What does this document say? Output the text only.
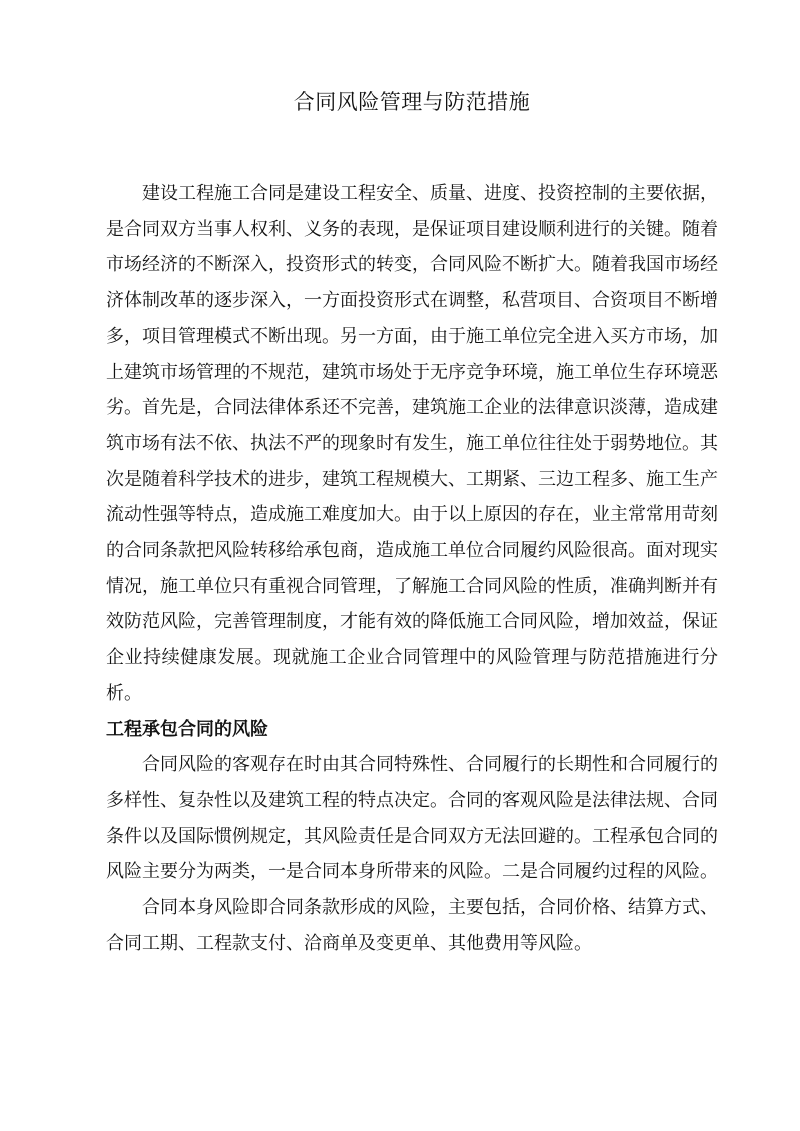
合同风险管理与防范措施

建设工程施工合同是建设工程安全、质量、进度、投资控制的主要依据，是合同双方当事人权利、义务的表现，是保证项目建设顺利进行的关键。随着市场经济的不断深入，投资形式的转变，合同风险不断扩大。随着我国市场经济体制改革的逐步深入，一方面投资形式在调整，私营项目、合资项目不断增多，项目管理模式不断出现。另一方面，由于施工单位完全进入买方市场，加上建筑市场管理的不规范，建筑市场处于无序竞争环境，施工单位生存环境恶劣。首先是，合同法律体系还不完善，建筑施工企业的法律意识淡薄，造成建筑市场有法不依、执法不严的现象时有发生，施工单位往往处于弱势地位。其次是随着科学技术的进步，建筑工程规模大、工期紧、三边工程多、施工生产流动性强等特点，造成施工难度加大。由于以上原因的存在，业主常常用苛刻的合同条款把风险转移给承包商，造成施工单位合同履约风险很高。面对现实情况，施工单位只有重视合同管理，了解施工合同风险的性质，准确判断并有效防范风险，完善管理制度，才能有效的降低施工合同风险，增加效益，保证企业持续健康发展。现就施工企业合同管理中的风险管理与防范措施进行分析。

工程承包合同的风险

合同风险的客观存在时由其合同特殊性、合同履行的长期性和合同履行的多样性、复杂性以及建筑工程的特点决定。合同的客观风险是法律法规、合同条件以及国际惯例规定，其风险责任是合同双方无法回避的。工程承包合同的风险主要分为两类，一是合同本身所带来的风险。二是合同履约过程的风险。

合同本身风险即合同条款形成的风险，主要包括，合同价格、结算方式、合同工期、工程款支付、洽商单及变更单、其他费用等风险。
